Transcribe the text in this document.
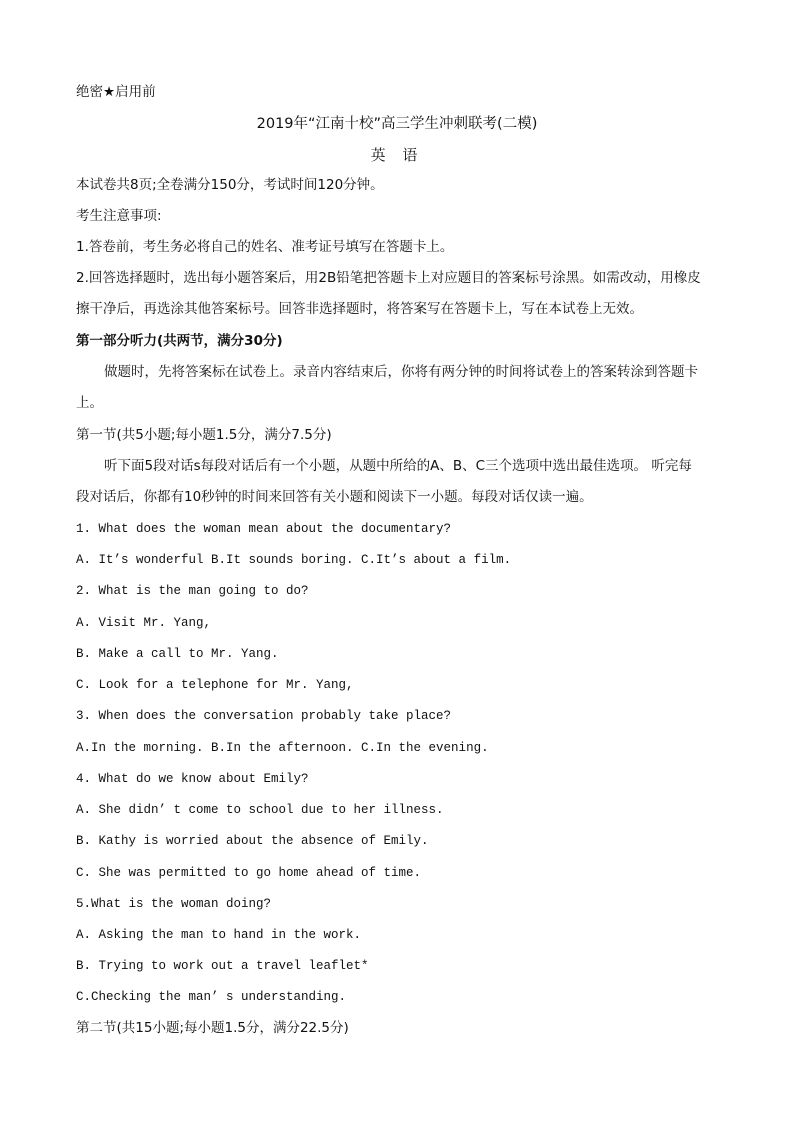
绝密★启用前
2019年“江南十校”高三学生冲刺联考(二模)
英 语
本试卷共8页;全卷满分150分，考试时间120分钟。
考生注意事项:
1.答卷前，考生务必将自己的姓名、准考证号填写在答题卡上。
2.回答选择题时，选出每小题答案后，用2B铅笔把答题卡上对应题目的答案标号涂黑。如需改动，用橡皮
擦干净后，再选涂其他答案标号。回答非选择题时，将答案写在答题卡上，写在本试卷上无效。
第一部分听力(共两节，满分30分)
做题时，先将答案标在试卷上。录音内容结束后，你将有两分钟的时间将试卷上的答案转涂到答题卡
上。
第一节(共5小题;每小题1.5分，满分7.5分)
听下面5段对话s每段对话后有一个小题，从题中所给的A、B、C三个选项中选出最佳选项。 听完每
段对话后，你都有10秒钟的时间来回答有关小题和阅读下一小题。每段对话仅读一遍。
1. What does the woman mean about the documentary?
A. It’s wonderful B.It sounds boring. C.It’s about a film.
2. What is the man going to do?
A. Visit Mr. Yang,
B. Make a call to Mr. Yang.
C. Look for a telephone for Mr. Yang,
3. When does the conversation probably take place?
A.In the morning. B.In the afternoon. C.In the evening.
4. What do we know about Emily?
A. She didn’ t come to school due to her illness.
B. Kathy is worried about the absence of Emily.
C. She was permitted to go home ahead of time.
5.What is the woman doing?
A. Asking the man to hand in the work.
B. Trying to work out a travel leaflet*
C.Checking the man’ s understanding.
第二节(共15小题;每小题1.5分，满分22.5分)
